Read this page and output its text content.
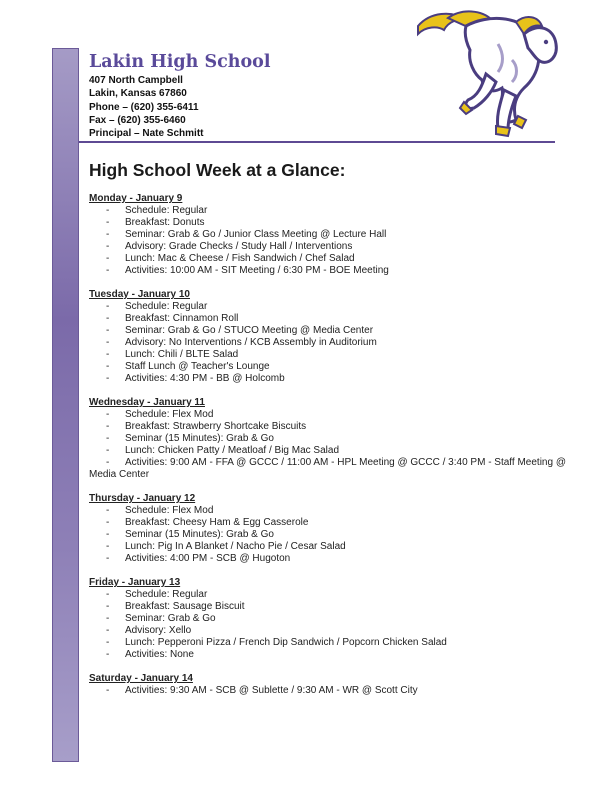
Lakin High School
407 North Campbell
Lakin, Kansas 67860
Phone – (620) 355-6411
Fax – (620) 355-6460
Principal – Nate Schmitt
High School Week at a Glance:
Monday - January 9
- Schedule: Regular
- Breakfast: Donuts
- Seminar: Grab & Go / Junior Class Meeting @ Lecture Hall
- Advisory: Grade Checks / Study Hall / Interventions
- Lunch: Mac & Cheese / Fish Sandwich / Chef Salad
- Activities: 10:00 AM - SIT Meeting / 6:30 PM - BOE Meeting
Tuesday - January 10
- Schedule: Regular
- Breakfast: Cinnamon Roll
- Seminar: Grab & Go / STUCO Meeting @ Media Center
- Advisory: No Interventions / KCB Assembly in Auditorium
- Lunch: Chili / BLTE Salad
- Staff Lunch @ Teacher's Lounge
- Activities: 4:30 PM - BB @ Holcomb
Wednesday - January 11
- Schedule: Flex Mod
- Breakfast: Strawberry Shortcake Biscuits
- Seminar (15 Minutes): Grab & Go
- Lunch: Chicken Patty / Meatloaf / Big Mac Salad
- Activities: 9:00 AM - FFA @ GCCC / 11:00 AM - HPL Meeting @ GCCC / 3:40 PM - Staff Meeting @ Media Center
Thursday - January 12
- Schedule: Flex Mod
- Breakfast: Cheesy Ham & Egg Casserole
- Seminar (15 Minutes): Grab & Go
- Lunch: Pig In A Blanket / Nacho Pie / Cesar Salad
- Activities: 4:00 PM - SCB @ Hugoton
Friday - January 13
- Schedule: Regular
- Breakfast: Sausage Biscuit
- Seminar: Grab & Go
- Advisory: Xello
- Lunch: Pepperoni Pizza / French Dip Sandwich / Popcorn Chicken Salad
- Activities: None
Saturday - January 14
- Activities: 9:30 AM - SCB @ Sublette / 9:30 AM - WR @ Scott City
